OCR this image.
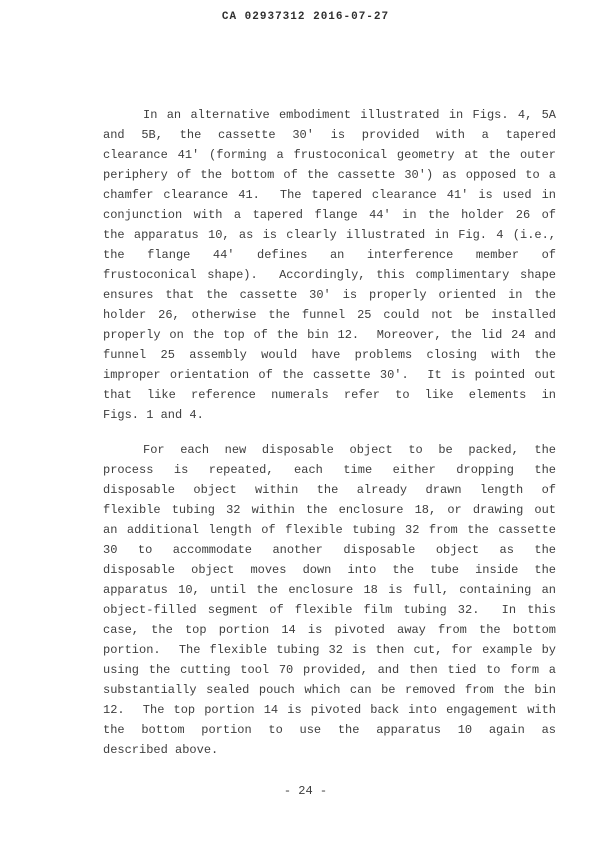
CA 02937312 2016-07-27
In an alternative embodiment illustrated in Figs. 4, 5A
and 5B, the cassette 30' is provided with a tapered
clearance 41' (forming a frustoconical geometry at the outer
periphery of the bottom of the cassette 30') as opposed to a
chamfer clearance 41.  The tapered clearance 41' is used in
conjunction with a tapered flange 44' in the holder 26 of
the apparatus 10, as is clearly illustrated in Fig. 4 (i.e.,
the flange 44' defines an interference member of
frustoconical shape).  Accordingly, this complimentary shape
ensures that the cassette 30' is properly oriented in the
holder 26, otherwise the funnel 25 could not be installed
properly on the top of the bin 12.  Moreover, the lid 24 and
funnel 25 assembly would have problems closing with the
improper orientation of the cassette 30'.  It is pointed out
that like reference numerals refer to like elements in
Figs. 1 and 4.
For each new disposable object to be packed, the
process is repeated, each time either dropping the
disposable object within the already drawn length of
flexible tubing 32 within the enclosure 18, or drawing out
an additional length of flexible tubing 32 from the cassette
30 to accommodate another disposable object as the
disposable object moves down into the tube inside the
apparatus 10, until the enclosure 18 is full, containing an
object-filled segment of flexible film tubing 32.  In this
case, the top portion 14 is pivoted away from the bottom
portion.  The flexible tubing 32 is then cut, for example by
using the cutting tool 70 provided, and then tied to form a
substantially sealed pouch which can be removed from the bin
12.  The top portion 14 is pivoted back into engagement with
the bottom portion to use the apparatus 10 again as
described above.
- 24 -
